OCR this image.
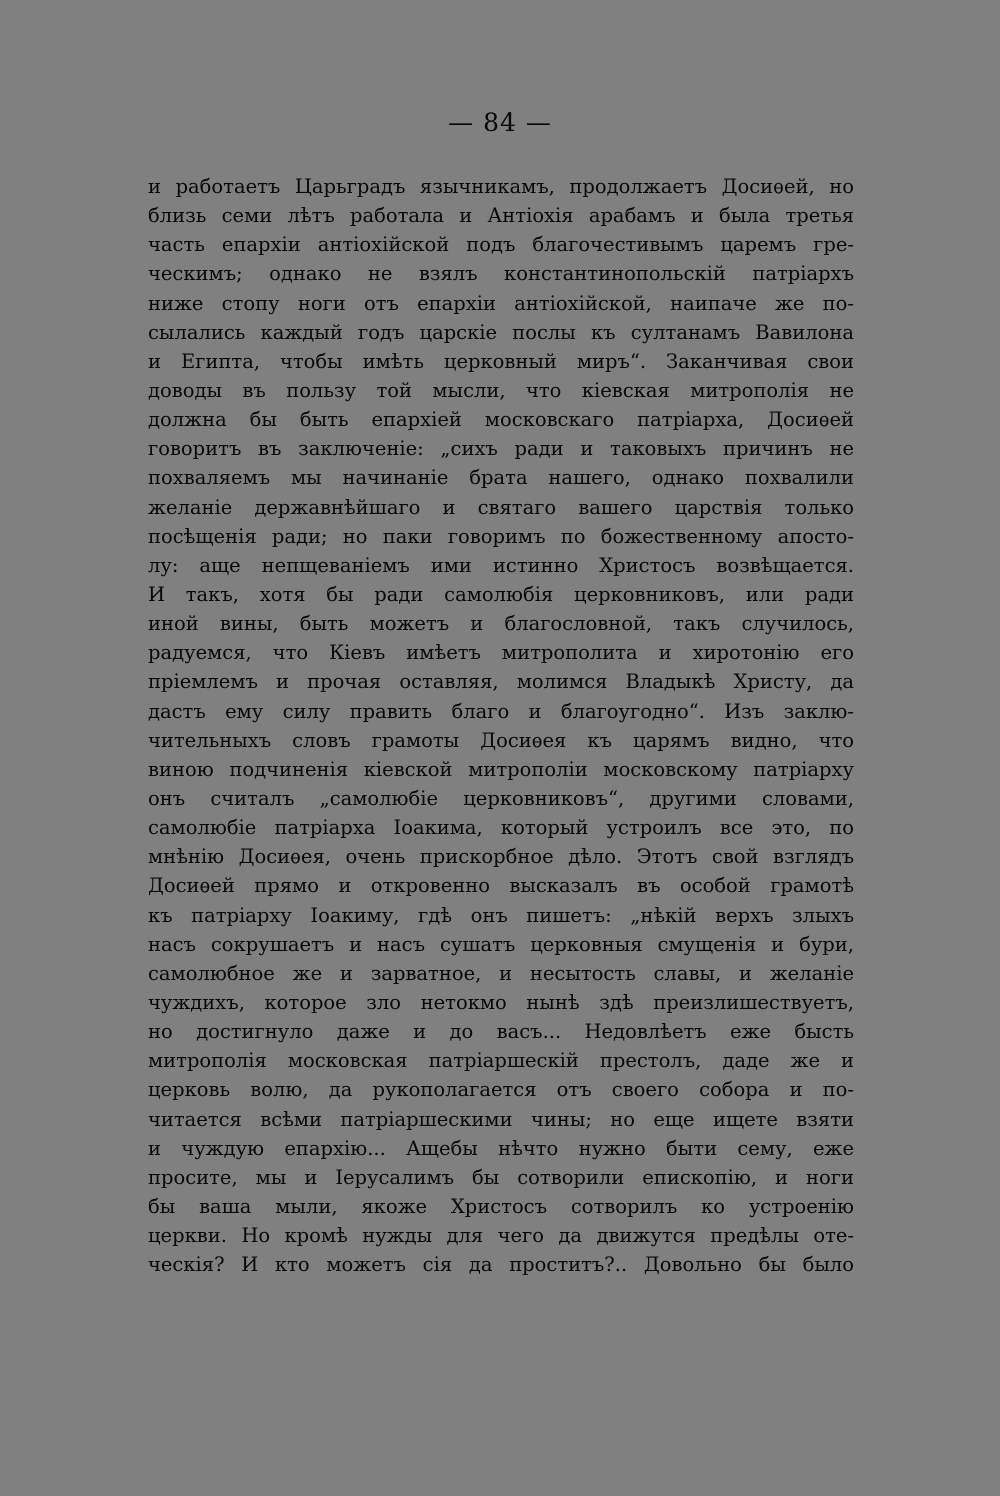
— 84 —
и работаетъ Царьградъ язычникамъ, продолжаетъ Досиѳей, но
близь семи лѣтъ работала и Антіохія арабамъ и была третья
часть епархіи антіохійской подъ благочестивымъ царемъ гре-
ческимъ; однако не взялъ константинопольскій патріархъ
ниже стопу ноги отъ епархіи антіохійской, наипаче же по-
сылались каждый годъ царскіе послы къ султанамъ Вавилона
и Египта, чтобы имѣть церковный миръ“. Заканчивая свои
доводы въ пользу той мысли, что кіевская митрополія не
должна бы быть епархіей московскаго патріарха, Досиѳей
говоритъ въ заключеніе: „сихъ ради и таковыхъ причинъ не
похваляемъ мы начинаніе брата нашего, однако похвалили
желаніе державнѣйшаго и святаго вашего царствія только
посѣщенія ради; но паки говоримъ по божественному апосто-
лу: аще непщеваніемъ ими истинно Христосъ возвѣщается.
И такъ, хотя бы ради самолюбія церковниковъ, или ради
иной вины, быть можетъ и благословной, такъ случилось,
радуемся, что Кіевъ имѣетъ митрополита и хиротонію его
пріемлемъ и прочая оставляя, молимся Владыкѣ Христу, да
дастъ ему силу править благо и благоугодно“. Изъ заклю-
чительныхъ словъ грамоты Досиѳея къ царямъ видно, что
виною подчиненія кіевской митрополіи московскому патріарху
онъ считалъ „самолюбіе церковниковъ“, другими словами,
самолюбіе патріарха Іоакима, который устроилъ все это, по
мнѣнію Досиѳея, очень прискорбное дѣло. Этотъ свой взглядъ
Досиѳей прямо и откровенно высказалъ въ особой грамотѣ
къ патріарху Іоакиму, гдѣ онъ пишетъ: „нѣкій верхъ злыхъ
насъ сокрушаетъ и насъ сушатъ церковныя смущенія и бури,
самолюбное же и зарватное, и несытость славы, и желаніе
чуждихъ, которое зло нетокмо нынѣ здѣ преизлишествуетъ,
но достигнуло даже и до васъ... Недовлѣетъ еже бысть
митрополія московская патріаршескій престолъ, даде же и
церковь волю, да рукополагается отъ своего собора и по-
читается всѣми патріаршескими чины; но еще ищете взяти
и чуждую епархію... Ащебы нѣчто нужно быти сему, еже
просите, мы и Іерусалимъ бы сотворили епископію, и ноги
бы ваша мыли, якоже Христосъ сотворилъ ко устроенію
церкви. Но кромѣ нужды для чего да движутся предѣлы оте-
ческія? И кто можетъ сія да проститъ?.. Довольно бы было
